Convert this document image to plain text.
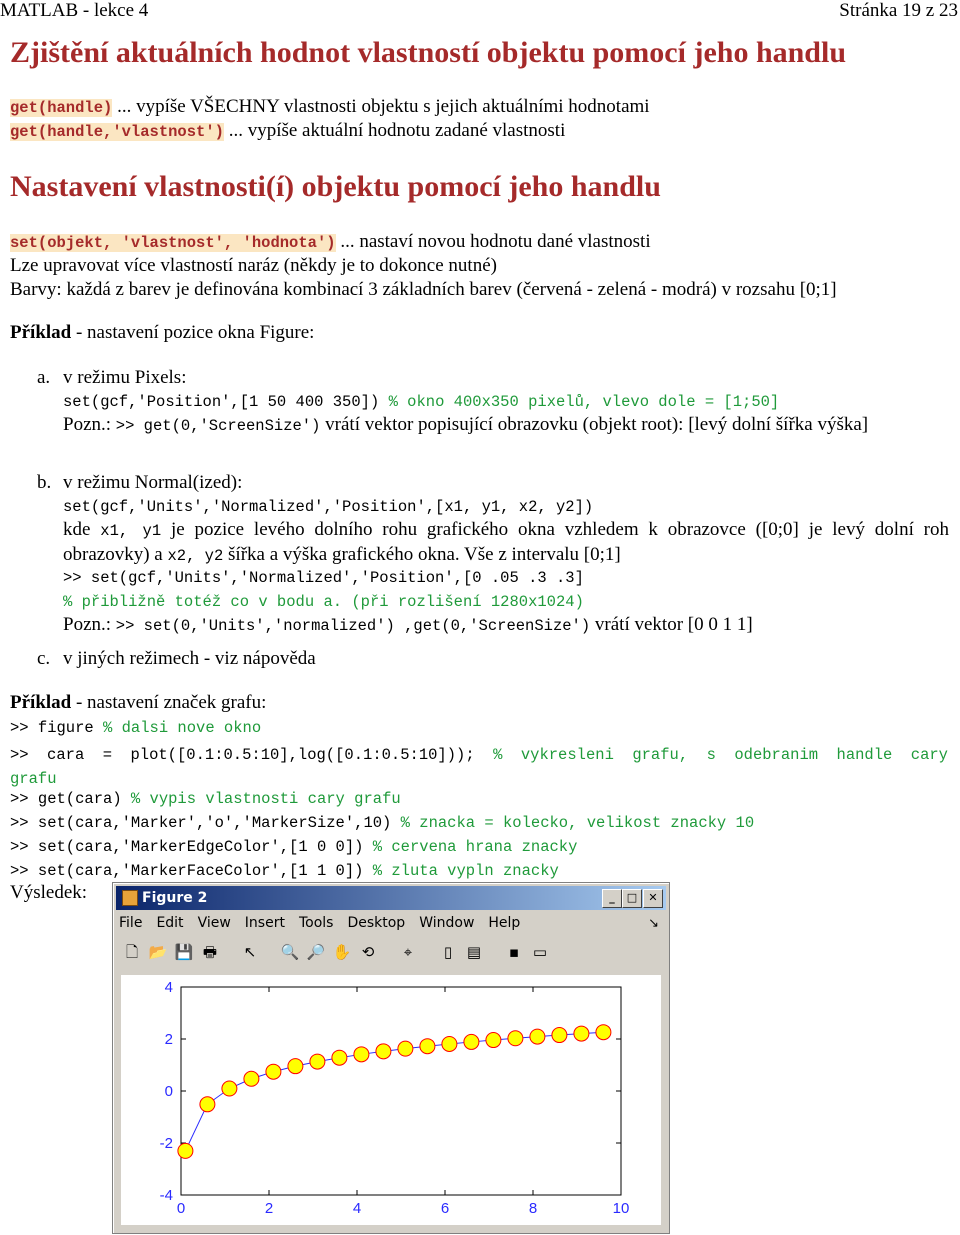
MATLAB - lekce 4	Stránka 19 z 23
Zjištění aktuálních hodnot vlastností objektu pomocí jeho handlu
get(handle) ... vypíše VŠECHNY vlastnosti objektu s jejich aktuálními hodnotami
get(handle,'vlastnost') ... vypíše aktuální hodnotu zadané vlastnosti
Nastavení vlastnosti(í) objektu pomocí jeho handlu
set(objekt, 'vlastnost', 'hodnota') ... nastaví novou hodnotu dané vlastnosti
Lze upravovat více vlastností naráz (někdy je to dokonce nutné)
Barvy: každá z barev je definována kombinací 3 základních barev (červená - zelená - modrá) v rozsahu [0;1]
Příklad - nastavení pozice okna Figure:
a. v režimu Pixels:
set(gcf,'Position',[1 50 400 350]) % okno 400x350 pixelů, vlevo dole = [1;50]
Pozn.: >> get(0,'ScreenSize') vrátí vektor popisující obrazovku (objekt root): [levý dolní šířka výška]
b. v režimu Normal(ized):
set(gcf,'Units','Normalized','Position',[x1, y1, x2, y2])
kde x1, y1 je pozice levého dolního rohu grafického okna vzhledem k obrazovce ([0;0] je levý dolní roh obrazovky) a x2, y2 šířka a výška grafického okna. Vše z intervalu [0;1]
>> set(gcf,'Units','Normalized','Position',[0 .05 .3 .3]
% přibližně totéž co v bodu a. (při rozlišení 1280x1024)
Pozn.: >> set(0,'Units','normalized') ,get(0,'ScreenSize') vrátí vektor [0 0 1 1]
c. v jiných režimech - viz nápověda
Příklad - nastavení značek grafu:
>> figure % dalsi nove okno
>> cara = plot([0.1:0.5:10],log([0.1:0.5:10])); % vykresleni grafu, s odebranim handle cary grafu
>> get(cara) % vypis vlastnosti cary grafu
>> set(cara,'Marker','o','MarkerSize',10) % znacka = kolecko, velikost znacky 10
>> set(cara,'MarkerEdgeColor',[1 0 0]) % cervena hrana znacky
>> set(cara,'MarkerFaceColor',[1 1 0]) % zluta vypln znacky
Výsledek:	Figure 2	_	□	✕
File Edit View Insert Tools Desktop Window Help	↘
🗋 📂 💾 🖶	↖	🔍 🔎 ✋ ⟲	⌖	▯ ▤	▪ ▭
0	2	4	6	8	10
4
2
0
-2
-4
